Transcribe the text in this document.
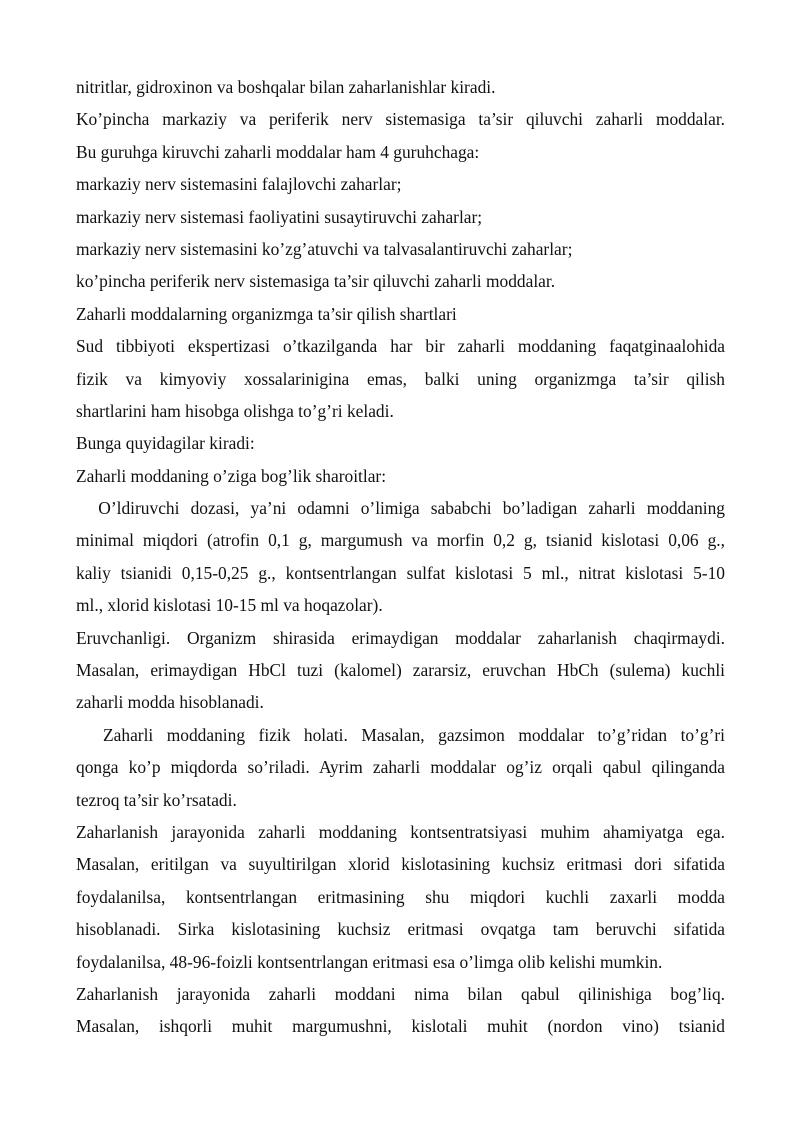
nitritlar, gidroxinon va boshqalar bilan zaharlanishlar kiradi.
Ko’pincha markaziy va periferik nerv sistemasiga ta’sir qiluvchi zaharli moddalar.
Bu guruhga kiruvchi zaharli moddalar ham 4 guruhchaga:
markaziy nerv sistemasini falajlovchi zaharlar;
markaziy nerv sistemasi faoliyatini susaytiruvchi zaharlar;
markaziy nerv sistemasini ko’zg’atuvchi va talvasalantiruvchi zaharlar;
ko’pincha periferik nerv sistemasiga ta’sir qiluvchi zaharli moddalar.
Zaharli moddalarning organizmga ta’sir qilish shartlari
Sud tibbiyoti ekspertizasi o’tkazilganda har bir zaharli moddaning faqatginaalohida
fizik va kimyoviy xossalarinigina emas, balki uning organizmga ta’sir qilish
shartlarini ham hisobga olishga to’g’ri keladi.
Bunga quyidagilar kiradi:
Zaharli moddaning o’ziga bog’lik sharoitlar:
O’ldiruvchi dozasi, ya’ni odamni o’limiga sababchi bo’ladigan zaharli moddaning
minimal miqdori (atrofin 0,1 g, margumush va morfin 0,2 g, tsianid kislotasi 0,06 g.,
kaliy tsianidi 0,15-0,25 g., kontsentrlangan sulfat kislotasi 5 ml., nitrat kislotasi 5-10
ml., xlorid kislotasi 10-15 ml va hoqazolar).
Eruvchanligi. Organizm shirasida erimaydigan moddalar zaharlanish chaqirmaydi.
Masalan, erimaydigan HbCl tuzi (kalomel) zararsiz, eruvchan HbCh (sulema) kuchli
zaharli modda hisoblanadi.
Zaharli moddaning fizik holati. Masalan, gazsimon moddalar to’g’ridan to’g’ri
qonga ko’p miqdorda so’riladi. Ayrim zaharli moddalar og’iz orqali qabul qilinganda
tezroq ta’sir ko’rsatadi.
Zaharlanish jarayonida zaharli moddaning kontsentratsiyasi muhim ahamiyatga ega.
Masalan, eritilgan va suyultirilgan xlorid kislotasining kuchsiz eritmasi dori sifatida
foydalanilsa, kontsentrlangan eritmasining shu miqdori kuchli zaxarli modda
hisoblanadi. Sirka kislotasining kuchsiz eritmasi ovqatga tam beruvchi sifatida
foydalanilsa, 48-96-foizli kontsentrlangan eritmasi esa o’limga olib kelishi mumkin.
Zaharlanish jarayonida zaharli moddani nima bilan qabul qilinishiga bog’liq.
Masalan, ishqorli muhit margumushni, kislotali muhit (nordon vino) tsianid
